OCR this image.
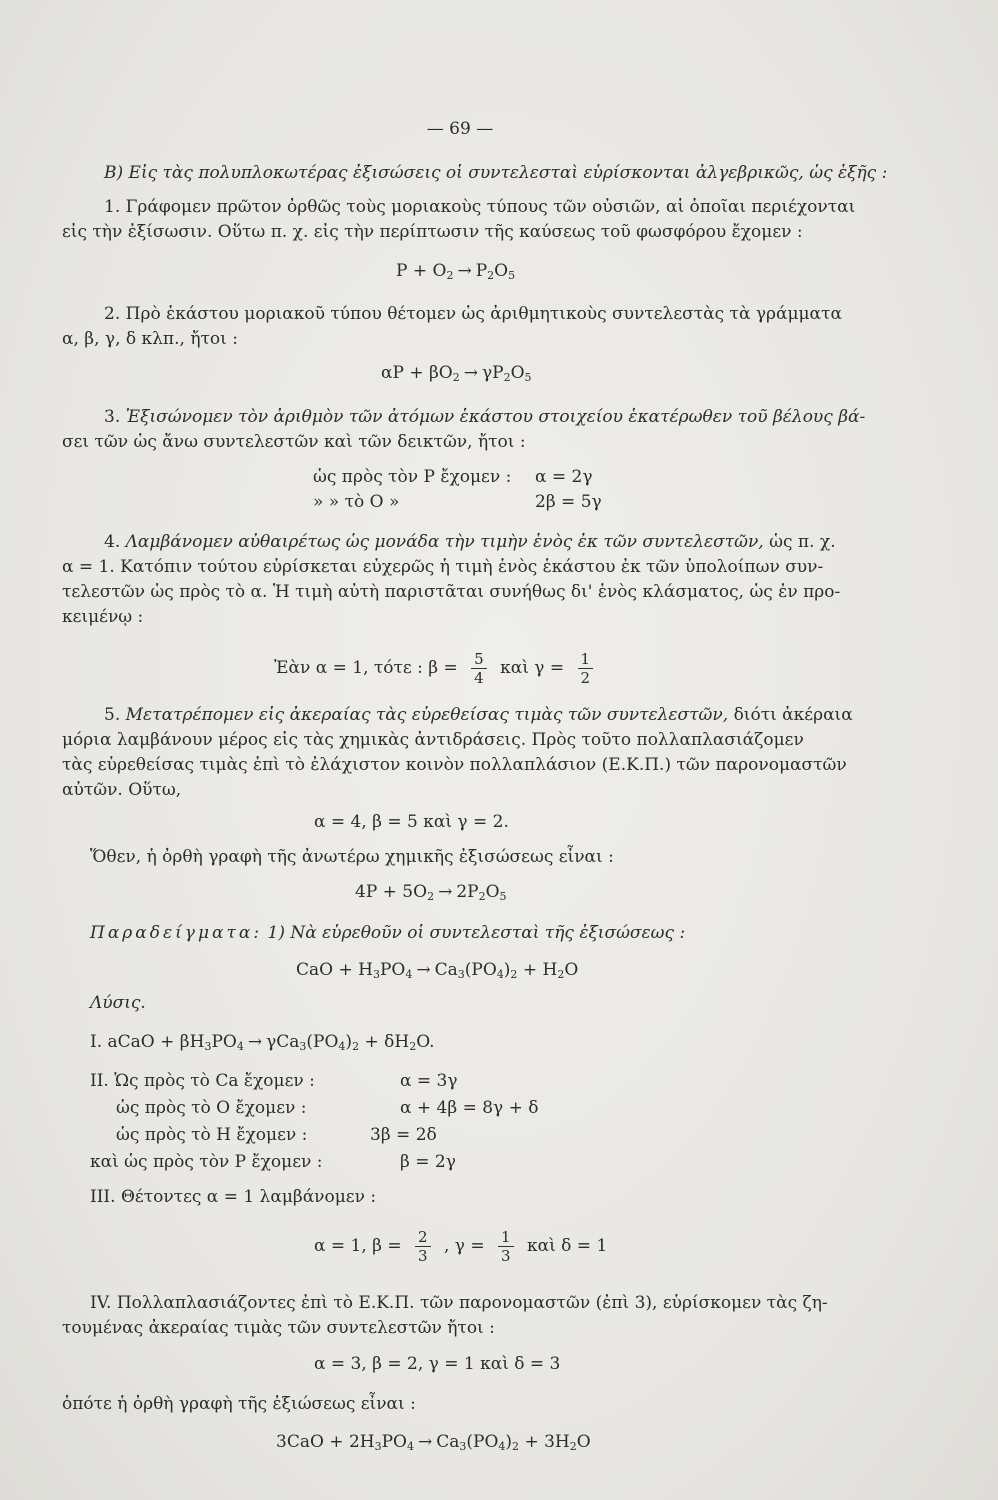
— 69 —
B) Εἰς τὰς πολυπλοκωτέρας ἐξισώσεις οἱ συντελεσταὶ εὑρίσκονται ἀλγεβρικῶς, ὡς ἑξῆς :
1. Γράφομεν πρῶτον ὀρθῶς τοὺς μοριακοὺς τύπους τῶν οὐσιῶν, αἱ ὁποῖαι περιέχονται
εἰς τὴν ἐξίσωσιν. Οὕτω π. χ. εἰς τὴν περίπτωσιν τῆς καύσεως τοῦ φωσφόρου ἔχομεν :
$P + O_2 \to P_2O_5$
2. Πρὸ ἑκάστου μοριακοῦ τύπου θέτομεν ὡς ἀριθμητικοὺς συντελεστὰς τὰ γράμματα
α, β, γ, δ κλπ., ἤτοι :
$\alpha P + \beta O_2 \to \gamma P_2O_5$
3. Ἐξισώνομεν τὸν ἀριθμὸν τῶν ἀτόμων ἑκάστου στοιχείου ἑκατέρωθεν τοῦ βέλους βά-
σει τῶν ὡς ἄνω συντελεστῶν καὶ τῶν δεικτῶν, ἤτοι :
ὡς πρὸς τὸν P ἔχομεν : α = 2γ
» » τὸ O »	2β = 5γ
4. Λαμβάνομεν αὐθαιρέτως ὡς μονάδα τὴν τιμὴν ἑνὸς ἐκ τῶν συντελεστῶν, ὡς π. χ.
α = 1. Κατόπιν τούτου εὑρίσκεται εὐχερῶς ἡ τιμὴ ἑνὸς ἑκάστου ἐκ τῶν ὑπολοίπων συν-
τελεστῶν ὡς πρὸς τὸ α. Ἡ τιμὴ αὐτὴ παριστᾶται συνήθως δι' ἑνὸς κλάσματος, ὡς ἐν προ-
κειμένῳ :
Ἐὰν α = 1, τότε : $\beta = \frac{5}{4}$ καὶ $\gamma = \frac{1}{2}$
5. Μετατρέπομεν εἰς ἀκεραίας τὰς εὑρεθείσας τιμὰς τῶν συντελεστῶν, διότι ἀκέραια
μόρια λαμβάνουν μέρος εἰς τὰς χημικὰς ἀντιδράσεις. Πρὸς τοῦτο πολλαπλασιάζομεν
τὰς εὑρεθείσας τιμὰς ἐπὶ τὸ ἐλάχιστον κοινὸν πολλαπλάσιον (Ε.Κ.Π.) τῶν παρονομαστῶν
αὐτῶν. Οὕτω,
α = 4, β = 5 καὶ γ = 2.
Ὅθεν, ἡ ὀρθὴ γραφὴ τῆς ἀνωτέρω χημικῆς ἐξισώσεως εἶναι :
$4P + 5O_2 \to 2P_2O_5$
Παραδείγματα: 1) Νὰ εὑρεθοῦν οἱ συντελεσταὶ τῆς ἐξισώσεως :
CaO + $H_3PO_4 \to Ca_3(PO_4)_2 + H_2O$
Λύσις.
I. aCaO + $\beta H_3PO_4 \to \gamma Ca_3(PO_4)_2 + \delta H_2O$.
II. Ὡς πρὸς τὸ Ca ἔχομεν :	α = 3γ
ὡς πρὸς τὸ O ἔχομεν :	α + 4β = 8γ + δ
ὡς πρὸς τὸ H ἔχομεν :	3β = 2δ
καὶ ὡς πρὸς τὸν P ἔχομεν :	β = 2γ
III. Θέτοντες α = 1 λαμβάνομεν :
α = 1, $\beta = \frac{2}{3}$ , $\gamma = \frac{1}{3}$ καὶ δ = 1
IV. Πολλαπλασιάζοντες ἐπὶ τὸ Ε.Κ.Π. τῶν παρονομαστῶν (ἐπὶ 3), εὑρίσκομεν τὰς ζη-
τουμένας ἀκεραίας τιμὰς τῶν συντελεστῶν ἤτοι :
α = 3, β = 2, γ = 1 καὶ δ = 3
ὁπότε ἡ ὀρθὴ γραφὴ τῆς ἐξιώσεως εἶναι :
$3CaO + 2H_3PO_4 \to Ca_3(PO_4)_2 + 3H_2O$
